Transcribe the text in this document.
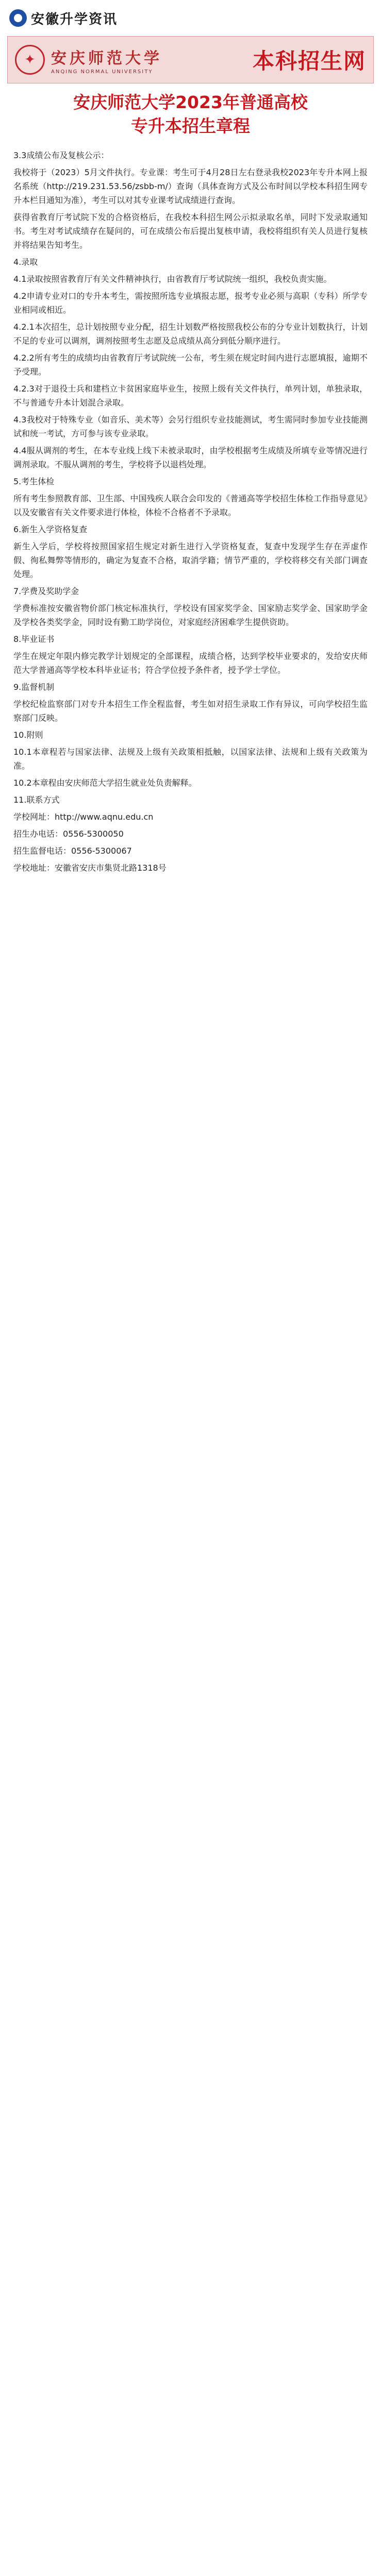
安徽升学资讯
✦	安庆师范大学
ANQING NORMAL UNIVERSITY	本科招生网
安庆师范大学2023年普通高校
专升本招生章程

3.3成绩公布及复核公示：

我校将于（2023）5月文件执行。专业课：考生可于4月28日左右登录我校2023年专升本网上报名系统（http://219.231.53.56/zsbb-m/）查询（具体查询方式及公布时间以学校本科招生网专升本栏目通知为准），考生可以对其专业课考试成绩进行查询。

获得省教育厅考试院下发的合格资格后，在我校本科招生网公示拟录取名单，同时下发录取通知书。考生对考试成绩存在疑问的，可在成绩公布后提出复核申请，我校将组织有关人员进行复核并将结果告知考生。

4.录取

4.1录取按照省教育厅有关文件精神执行，由省教育厅考试院统一组织，我校负责实施。

4.2申请专业对口的专升本考生，需按照所选专业填报志愿，报考专业必须与高职（专科）所学专业相同或相近。

4.2.1本次招生，总计划按照专业分配，招生计划数严格按照我校公布的分专业计划数执行，计划不足的专业可以调剂，调剂按照考生志愿及总成绩从高分到低分顺序进行。

4.2.2所有考生的成绩均由省教育厅考试院统一公布，考生须在规定时间内进行志愿填报，逾期不予受理。

4.2.3对于退役士兵和建档立卡贫困家庭毕业生，按照上级有关文件执行，单列计划，单独录取，不与普通专升本计划混合录取。

4.3我校对于特殊专业（如音乐、美术等）会另行组织专业技能测试，考生需同时参加专业技能测试和统一考试，方可参与该专业录取。

4.4服从调剂的考生，在本专业线上线下未被录取时，由学校根据考生成绩及所填专业等情况进行调剂录取。不服从调剂的考生，学校将予以退档处理。

5.考生体检

所有考生参照教育部、卫生部、中国残疾人联合会印发的《普通高等学校招生体检工作指导意见》以及安徽省有关文件要求进行体检，体检不合格者不予录取。

6.新生入学资格复查

新生入学后，学校将按照国家招生规定对新生进行入学资格复查，复查中发现学生存在弄虚作假、徇私舞弊等情形的，确定为复查不合格，取消学籍；情节严重的，学校将移交有关部门调查处理。

7.学费及奖助学金

学费标准按安徽省物价部门核定标准执行，学校设有国家奖学金、国家励志奖学金、国家助学金及学校各类奖学金，同时设有勤工助学岗位，对家庭经济困难学生提供资助。

8.毕业证书

学生在规定年限内修完教学计划规定的全部课程，成绩合格，达到学校毕业要求的，发给安庆师范大学普通高等学校本科毕业证书；符合学位授予条件者，授予学士学位。

9.监督机制

学校纪检监察部门对专升本招生工作全程监督，考生如对招生录取工作有异议，可向学校招生监察部门反映。

10.附则

10.1本章程若与国家法律、法规及上级有关政策相抵触，以国家法律、法规和上级有关政策为准。

10.2本章程由安庆师范大学招生就业处负责解释。

11.联系方式

学校网址：http://www.aqnu.edu.cn

招生办电话：0556-5300050

招生监督电话：0556-5300067

学校地址：安徽省安庆市集贤北路1318号
